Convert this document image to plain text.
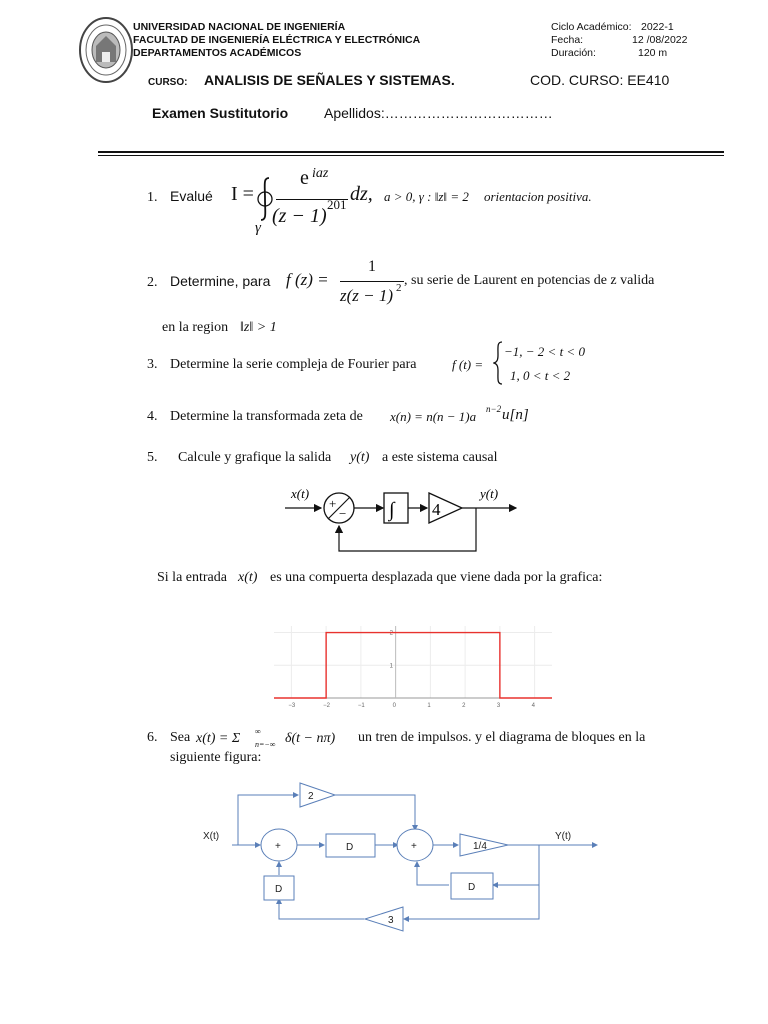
UNIVERSIDAD NACIONAL DE INGENIERÍA
FACULTAD DE INGENIERÍA ELÉCTRICA Y ELECTRÓNICA
DEPARTAMENTOS ACADÉMICOS
Ciclo Académico: 2022-1
Fecha:	12 /08/2022
Duración:	120 m
CURSO: ANALISIS DE SEÑALES Y SISTEMAS.	COD. CURSO: EE410
Examen Sustitutorio	Apellidos:………………………………
1. Evalué I =
γ
e iaz
(z − 1)
201 dz, a > 0, γ : ‖z‖ = 2 orientacion positiva.
2. Determine, para f (z) =
1
z(z − 1) 2 , su serie de Laurent en potencias de z valida
en la region ‖z‖ > 1
3. Determine la serie compleja de Fourier para	f (t) =
−1, − 2 < t < 0
1, 0 < t < 2
4. Determine la transformada zeta de x(n) = n(n − 1)a n−2 u[n]
5. Calcule y grafique la salida y(t) a este sistema causal
x(t)
+
− ∫ 4
y(t)
Si la entrada x(t) es una compuerta desplazada que viene dada por la grafica:
−3	−2	−1	0	1	2	3	4
1
2
6. Sea x(t) = Σ ∞
n=−∞ δ(t − nπ) un tren de impulsos. y el diagrama de bloques en la
siguiente figura:
X(t)	Y(t)
+	+
2
D	1/4
D
D
3
